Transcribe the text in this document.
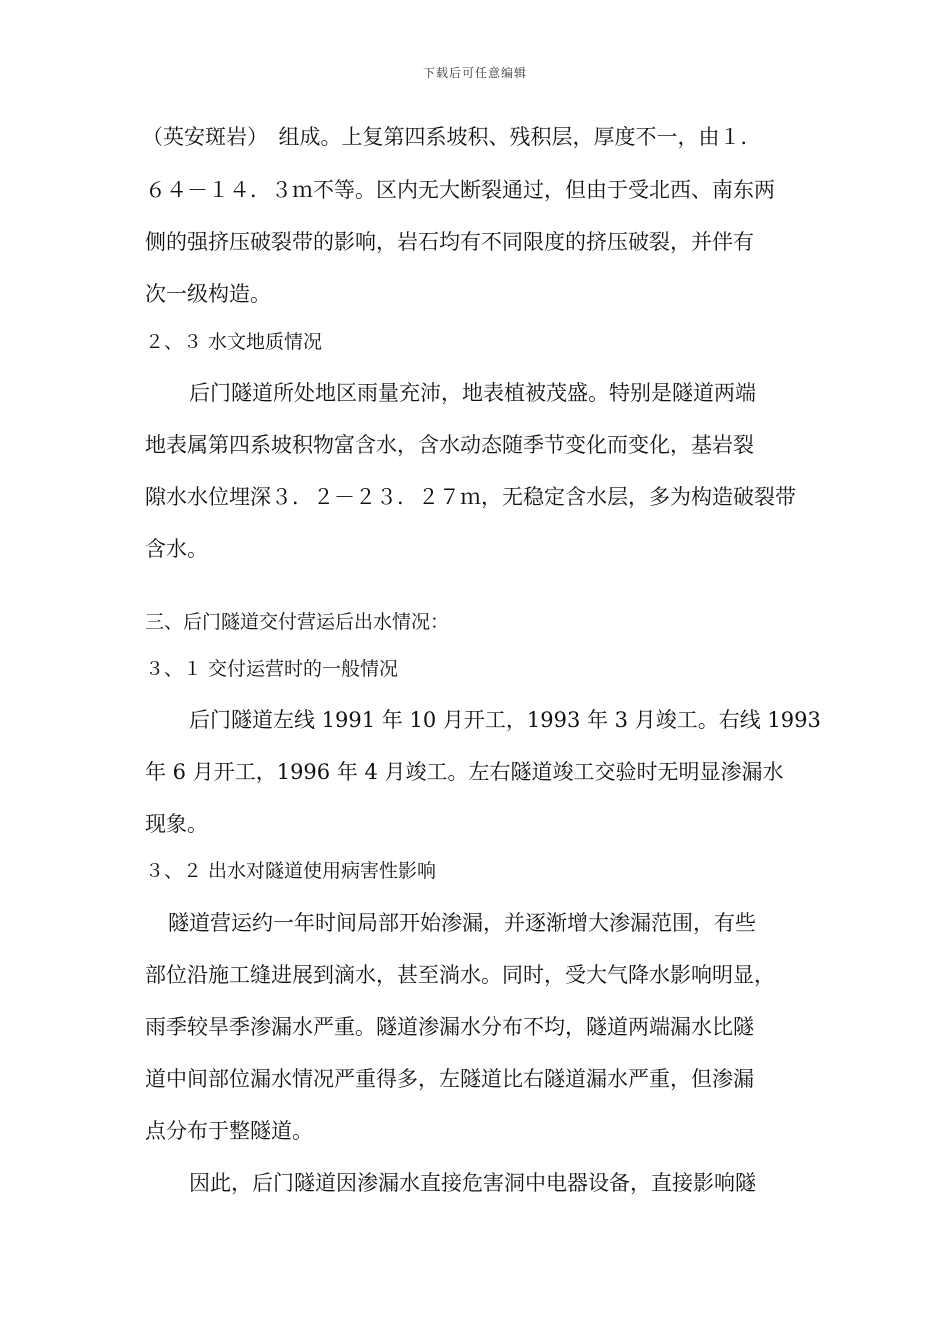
下载后可任意编辑
（英安斑岩）　组成。上复第四系坡积、残积层，厚度不一，由１．
６４－１４．３ｍ不等。区内无大断裂通过，但由于受北西、南东两
侧的强挤压破裂带的影响，岩石均有不同限度的挤压破裂，并伴有
次一级构造。
２、３ 水文地质情况
　后门隧道所处地区雨量充沛，地表植被茂盛。特别是隧道两端
地表属第四系坡积物富含水，含水动态随季节变化而变化，基岩裂
隙水水位埋深３．２－２３．２７ｍ，无稳定含水层，多为构造破裂带
含水。
三、后门隧道交付营运后出水情况：
３、１ 交付运营时的一般情况
　后门隧道左线 1991 年 10 月开工，1993 年 3 月竣工。右线 1993
年 6 月开工，1996 年 4 月竣工。左右隧道竣工交验时无明显渗漏水
现象。
３、２ 出水对隧道使用病害性影响
隧道营运约一年时间局部开始渗漏，并逐渐增大渗漏范围，有些
部位沿施工缝进展到滴水，甚至淌水。同时，受大气降水影响明显，
雨季较旱季渗漏水严重。隧道渗漏水分布不均，隧道两端漏水比隧
道中间部位漏水情况严重得多，左隧道比右隧道漏水严重，但渗漏
点分布于整隧道。
　因此，后门隧道因渗漏水直接危害洞中电器设备，直接影响隧
